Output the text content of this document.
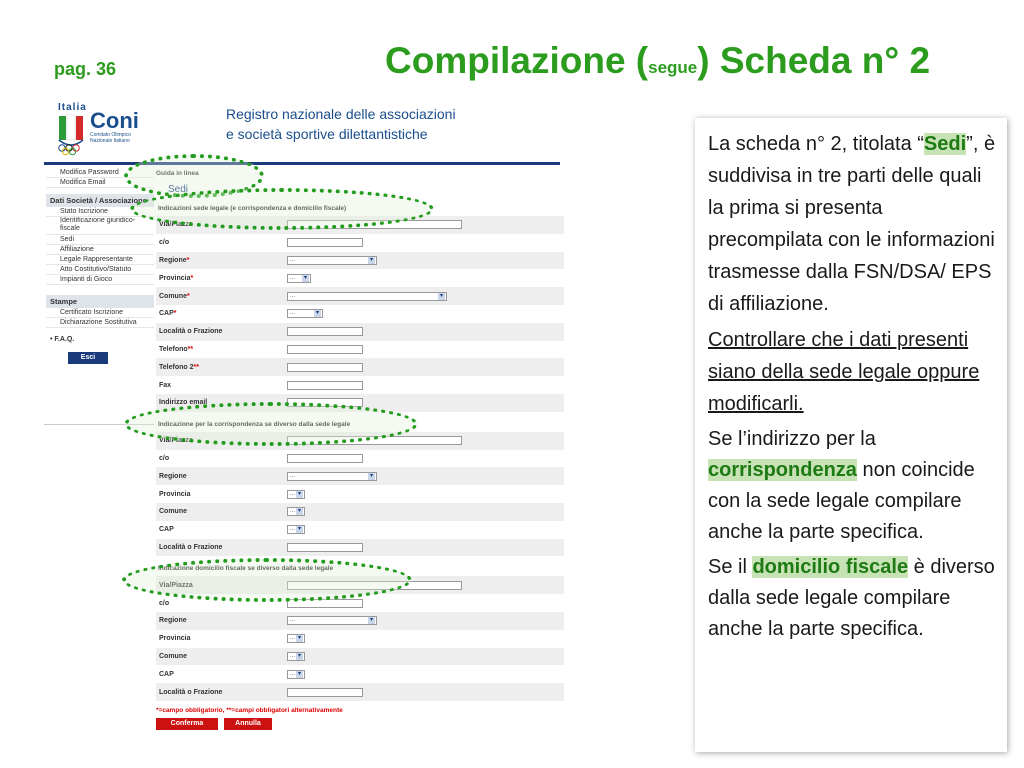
pag. 36	Compilazione (segue) Scheda n° 2
Italia
Coni
Comitato Olimpico Nazionale Italiano
Registro nazionale delle associazioni
e società sportive dilettantistiche
Modifica Password
Modifica Email
Dati Società / Associazione
Stato Iscrizione
Identificazione giuridico-fiscale
Sedi
Affiliazione
Legale Rappresentante
Atto Costitutivo/Statuto
Impianti di Gioco
Stampe
Certificato Iscrizione
Dichiarazione Sostitutiva
• F.A.Q.
Esci
Guida in linea
Sedi
Indicazioni sede legale (e corrispondenza e domicilio fiscale)
Via/Piazza
c/o
Regione*	... ▾
Provincia*	... ▾
Comune*	... ▾
CAP*	... ▾
Località o Frazione
Telefono**
Telefono 2**
Fax
Indirizzo email
Indicazione per la corrispondenza se diverso dalla sede legale
Via/Piazza
c/o
Regione	... ▾
Provincia	... ▾
Comune	... ▾
CAP	... ▾
Località o Frazione
Indicazione domicilio fiscale se diverso dalla sede legale
Via/Piazza
c/o
Regione	... ▾
Provincia	... ▾
Comune	... ▾
CAP	... ▾
Località o Frazione
*=campo obbligatorio, **=campi obbligatori alternativamente
Conferma	Annulla

La scheda n° 2, titolata “Sedi”, è suddivisa in tre parti delle quali la prima si presenta precompilata con le informazioni trasmesse dalla FSN/DSA/ EPS di affiliazione.

Controllare che i dati presenti siano della sede legale oppure modificarli.

Se l’indirizzo per la corrispondenza non coincide con la sede legale compilare anche la parte specifica.

Se il domicilio fiscale è diverso dalla sede legale compilare anche la parte specifica.
